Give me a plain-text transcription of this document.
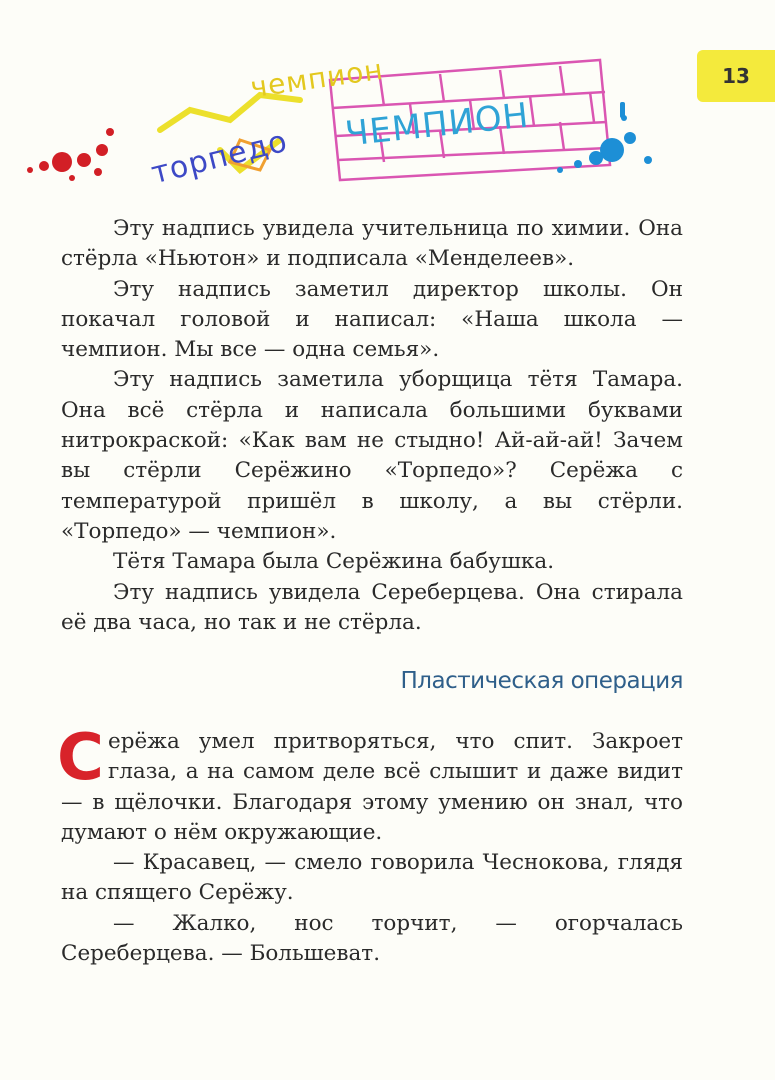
13
торпедо
чемпион
ЧЕМПИОН

Эту надпись увидела учительница по химии. Она стёрла «Ньютон» и подписала «Менделеев».

Эту надпись заметил директор школы. Он покачал головой и написал: «Наша школа — чемпион. Мы все — одна семья».

Эту надпись заметила уборщица тётя Тамара. Она всё стёрла и написала большими буквами нитрокраской: «Как вам не стыдно! Ай-ай-ай! Зачем вы стёрли Серёжино «Торпедо»? Серёжа с температурой пришёл в школу, а вы стёрли. «Торпедо» — чемпион».

Тётя Тамара была Серёжина бабушка.

Эту надпись увидела Сереберцева. Она стирала её два часа, но так и не стёрла.

Пластическая операция

Серёжа умел притворяться, что спит. Закроет глаза, а на самом деле всё слышит и даже видит — в щёлочки. Благодаря этому умению он знал, что думают о нём окружающие.

— Красавец, — смело говорила Чеснокова, глядя на спящего Серёжу.

— Жалко, нос торчит, — огорчалась Сереберцева. — Большеват.
